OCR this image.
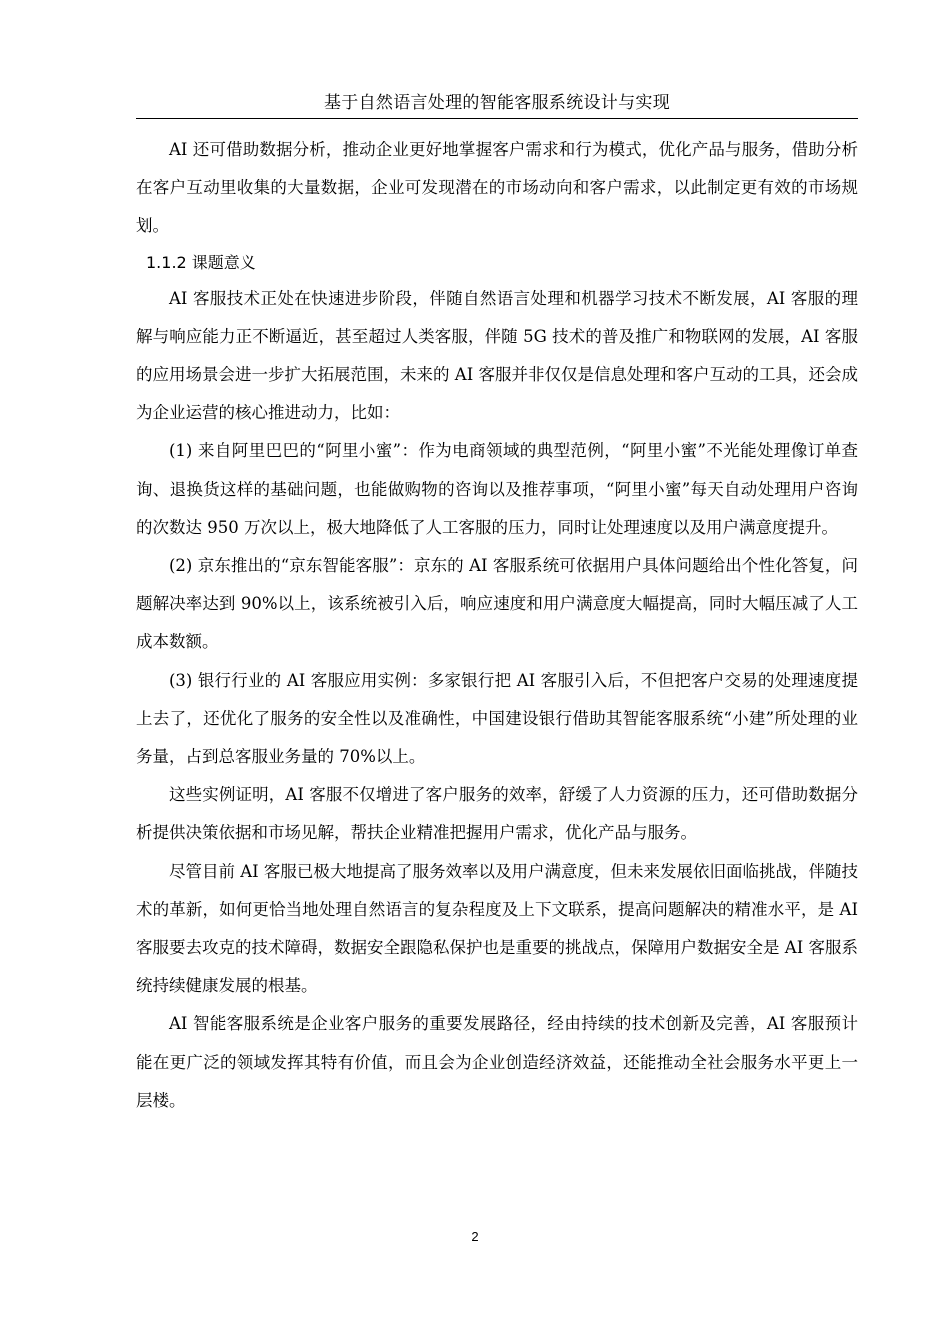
基于自然语言处理的智能客服系统设计与实现

AI 还可借助数据分析，推动企业更好地掌握客户需求和行为模式，优化产品与服务，借助分析在客户互动里收集的大量数据，企业可发现潜在的市场动向和客户需求，以此制定更有效的市场规划。

1.1.2 课题意义

AI 客服技术正处在快速进步阶段，伴随自然语言处理和机器学习技术不断发展，AI 客服的理解与响应能力正不断逼近，甚至超过人类客服，伴随 5G 技术的普及推广和物联网的发展，AI 客服的应用场景会进一步扩大拓展范围，未来的 AI 客服并非仅仅是信息处理和客户互动的工具，还会成为企业运营的核心推进动力，比如：

(1) 来自阿里巴巴的“阿里小蜜”：作为电商领域的典型范例，“阿里小蜜”不光能处理像订单查询、退换货这样的基础问题，也能做购物的咨询以及推荐事项，“阿里小蜜”每天自动处理用户咨询的次数达 950 万次以上，极大地降低了人工客服的压力，同时让处理速度以及用户满意度提升。

(2) 京东推出的“京东智能客服”：京东的 AI 客服系统可依据用户具体问题给出个性化答复，问题解决率达到 90%以上，该系统被引入后，响应速度和用户满意度大幅提高，同时大幅压减了人工成本数额。

(3) 银行行业的 AI 客服应用实例：多家银行把 AI 客服引入后，不但把客户交易的处理速度提上去了，还优化了服务的安全性以及准确性，中国建设银行借助其智能客服系统“小建”所处理的业务量，占到总客服业务量的 70%以上。

这些实例证明，AI 客服不仅增进了客户服务的效率，舒缓了人力资源的压力，还可借助数据分析提供决策依据和市场见解，帮扶企业精准把握用户需求，优化产品与服务。

尽管目前 AI 客服已极大地提高了服务效率以及用户满意度，但未来发展依旧面临挑战，伴随技术的革新，如何更恰当地处理自然语言的复杂程度及上下文联系，提高问题解决的精准水平，是 AI 客服要去攻克的技术障碍，数据安全跟隐私保护也是重要的挑战点，保障用户数据安全是 AI 客服系统持续健康发展的根基。

AI 智能客服系统是企业客户服务的重要发展路径，经由持续的技术创新及完善，AI 客服预计能在更广泛的领域发挥其特有价值，而且会为企业创造经济效益，还能推动全社会服务水平更上一层楼。

2
